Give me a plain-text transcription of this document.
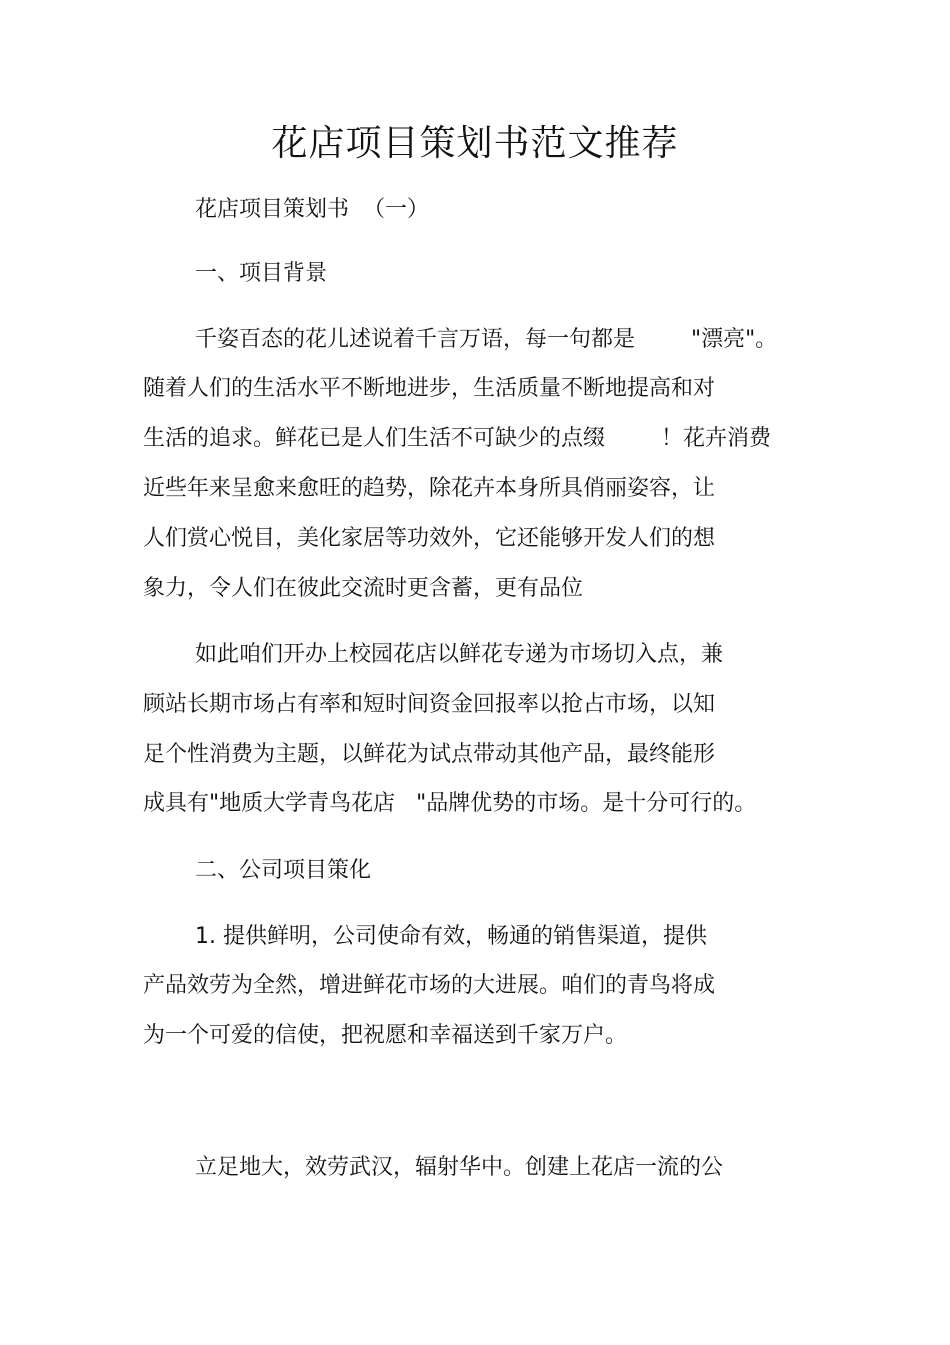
花店项目策划书范文推荐

花店项目策划书  （一）

一、项目背景

千姿百态的花儿述说着千言万语，每一句都是        "漂亮"。

随着人们的生活水平不断地进步，生活质量不断地提高和对

生活的追求。鲜花已是人们生活不可缺少的点缀        ！花卉消费

近些年来呈愈来愈旺的趋势，除花卉本身所具俏丽姿容，让

人们赏心悦目，美化家居等功效外，它还能够开发人们的想

象力，令人们在彼此交流时更含蓄，更有品位

如此咱们开办上校园花店以鲜花专递为市场切入点，兼

顾站长期市场占有率和短时间资金回报率以抢占市场，以知

足个性消费为主题，以鲜花为试点带动其他产品，最终能形

成具有"地质大学青鸟花店   "品牌优势的市场。是十分可行的。

二、公司项目策化

1. 提供鲜明，公司使命有效，畅通的销售渠道，提供

产品效劳为全然，增进鲜花市场的大进展。咱们的青鸟将成

为一个可爱的信使，把祝愿和幸福送到千家万户。

立足地大，效劳武汉，辐射华中。创建上花店一流的公
